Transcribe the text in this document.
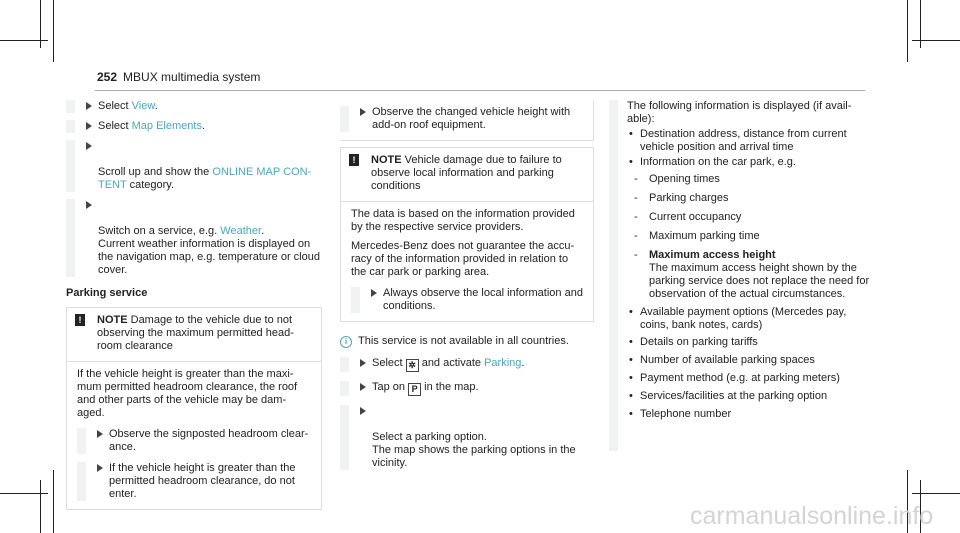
252 MBUX multimedia system
Select View.
Select Map Elements.

Scroll up and show the ONLINE MAP CON-
TENT category.

Switch on a service, e.g. Weather.
Current weather information is displayed on the navigation map, e.g. temperature or cloud cover.

Parking service
!	NOTE Damage to the vehicle due to not observing the maximum permitted head-room clearance
If the vehicle height is greater than the maxi-mum permitted headroom clearance, the roof and other parts of the vehicle may be dam-aged.
Observe the signposted headroom clear-ance.
If the vehicle height is greater than the permitted headroom clearance, do not enter.
Observe the changed vehicle height with add-on roof equipment.
!	NOTE Vehicle damage due to failure to observe local information and parking conditions
The data is based on the information provided by the respective service providers.
Mercedes-Benz does not guarantee the accu-racy of the information provided in relation to the car park or parking area.
Always observe the local information and conditions.
i This service is not available in all countries.
Select ✲ and activate Parking.
Tap on P in the map.

Select a parking option.
The map shows the parking options in the vicinity.

The following information is displayed (if avail-able):
• Destination address, distance from current vehicle position and arrival time
• Information on the car park, e.g.
- Opening times
- Parking charges
- Current occupancy
- Maximum parking time
- Maximum access height
The maximum access height shown by the parking service does not replace the need for observation of the actual circumstances.
• Available payment options (Mercedes pay, coins, bank notes, cards)
• Details on parking tariffs
• Number of available parking spaces
• Payment method (e.g. at parking meters)
• Services/facilities at the parking option
• Telephone number
carmanualsonline.info
